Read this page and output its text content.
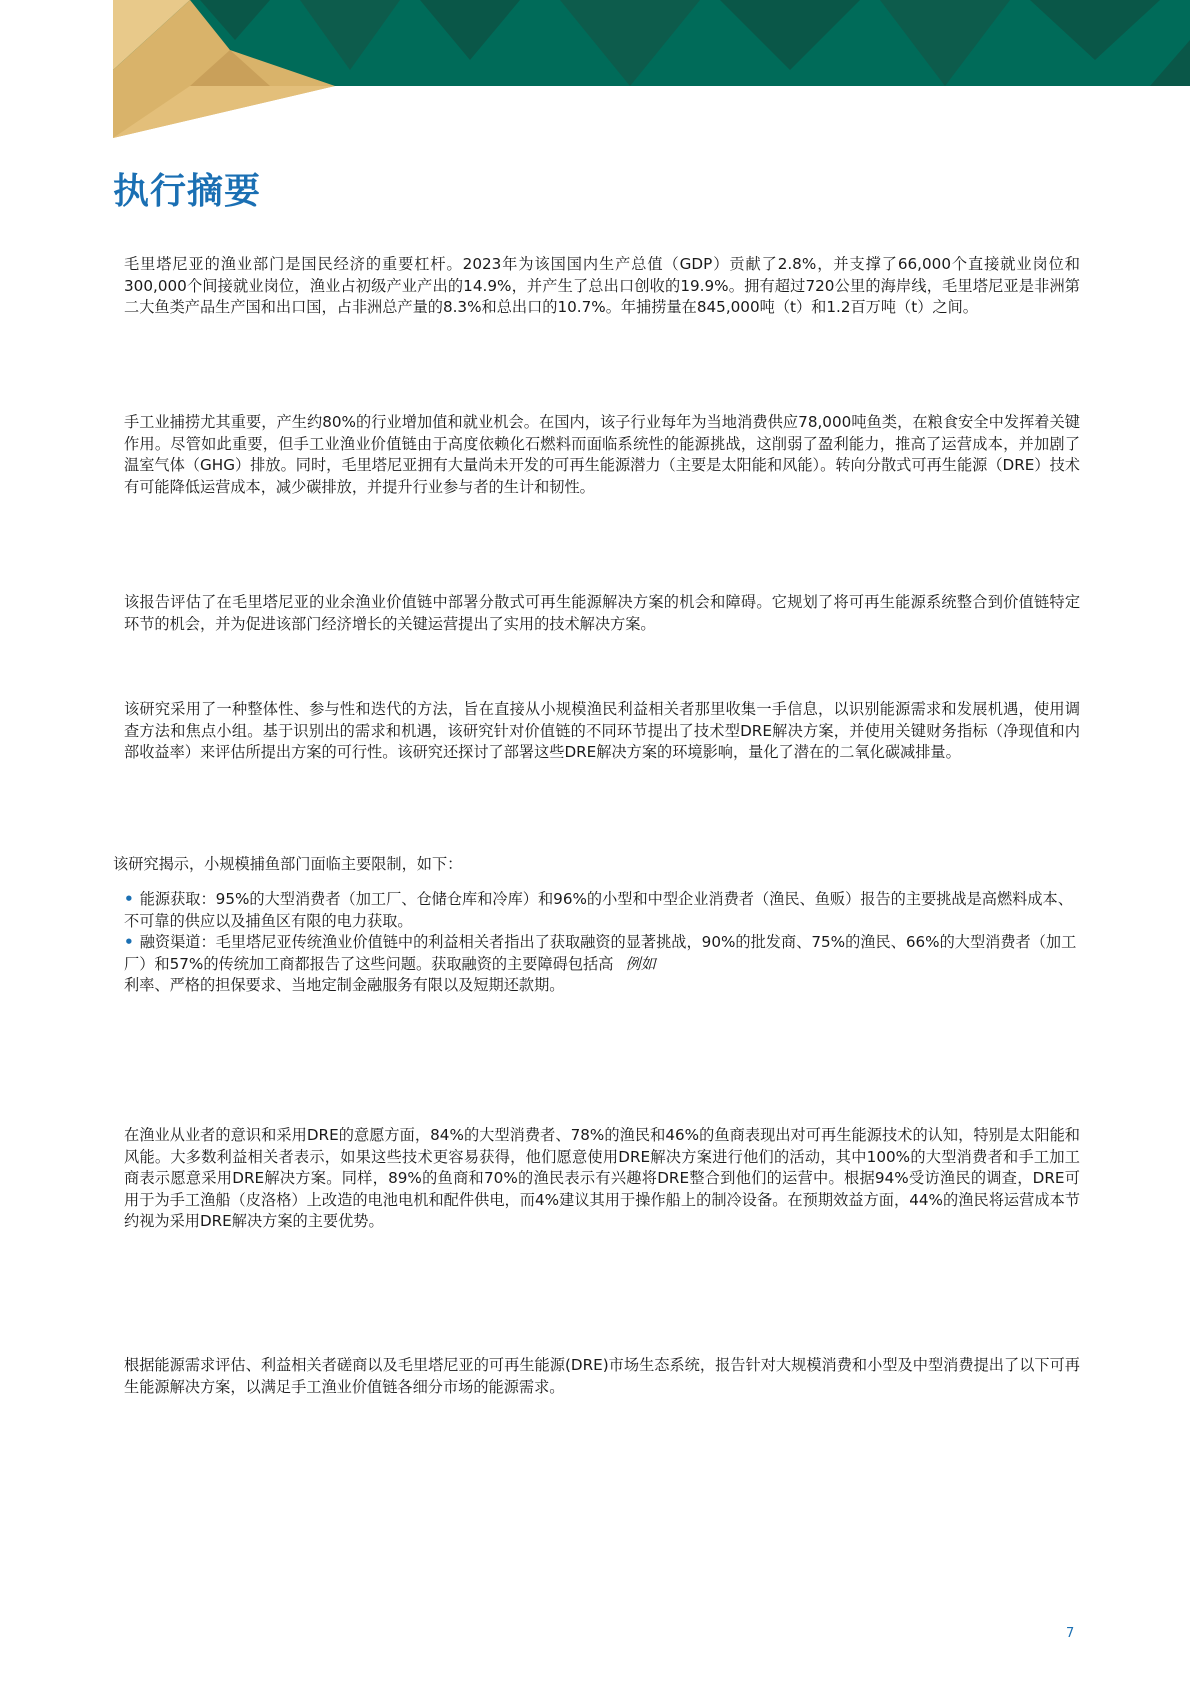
执行摘要

毛里塔尼亚的渔业部门是国民经济的重要杠杆。2023年为该国国内生产总值（GDP）贡献了2.8%，并支撑了66,000个直接就业岗位和300,000个间接就业岗位，渔业占初级产业产出的14.9%，并产生了总出口创收的19.9%。拥有超过720公里的海岸线，毛里塔尼亚是非洲第二大鱼类产品生产国和出口国，占非洲总产量的8.3%和总出口的10.7%。年捕捞量在845,000吨（t）和1.2百万吨（t）之间。

手工业捕捞尤其重要，产生约80%的行业增加值和就业机会。在国内，该子行业每年为当地消费供应78,000吨鱼类，在粮食安全中发挥着关键作用。尽管如此重要，但手工业渔业价值链由于高度依赖化石燃料而面临系统性的能源挑战，这削弱了盈利能力，推高了运营成本，并加剧了温室气体（GHG）排放。同时，毛里塔尼亚拥有大量尚未开发的可再生能源潜力（主要是太阳能和风能）。转向分散式可再生能源（DRE）技术有可能降低运营成本，减少碳排放，并提升行业参与者的生计和韧性。

该报告评估了在毛里塔尼亚的业余渔业价值链中部署分散式可再生能源解决方案的机会和障碍。它规划了将可再生能源系统整合到价值链特定环节的机会，并为促进该部门经济增长的关键运营提出了实用的技术解决方案。

该研究采用了一种整体性、参与性和迭代的方法，旨在直接从小规模渔民利益相关者那里收集一手信息，以识别能源需求和发展机遇，使用调查方法和焦点小组。基于识别出的需求和机遇，该研究针对价值链的不同环节提出了技术型DRE解决方案，并使用关键财务指标（净现值和内部收益率）来评估所提出方案的可行性。该研究还探讨了部署这些DRE解决方案的环境影响，量化了潜在的二氧化碳减排量。

该研究揭示，小规模捕鱼部门面临主要限制，如下：

• 能源获取：95%的大型消费者（加工厂、仓储仓库和冷库）和96%的小型和中型企业消费者（渔民、鱼贩）报告的主要挑战是高燃料成本、不可靠的供应以及捕鱼区有限的电力获取。
• 融资渠道：毛里塔尼亚传统渔业价值链中的利益相关者指出了获取融资的显著挑战，90%的批发商、75%的渔民、66%的大型消费者（加工厂）和57%的传统加工商都报告了这些问题。获取融资的主要障碍包括高 例如
利率、严格的担保要求、当地定制金融服务有限以及短期还款期。

在渔业从业者的意识和采用DRE的意愿方面，84%的大型消费者、78%的渔民和46%的鱼商表现出对可再生能源技术的认知，特别是太阳能和风能。大多数利益相关者表示，如果这些技术更容易获得，他们愿意使用DRE解决方案进行他们的活动，其中100%的大型消费者和手工加工商表示愿意采用DRE解决方案。同样，89%的鱼商和70%的渔民表示有兴趣将DRE整合到他们的运营中。根据94%受访渔民的调查，DRE可用于为手工渔船（皮洛格）上改造的电池电机和配件供电，而4%建议其用于操作船上的制冷设备。在预期效益方面，44%的渔民将运营成本节约视为采用DRE解决方案的主要优势。

根据能源需求评估、利益相关者磋商以及毛里塔尼亚的可再生能源(DRE)市场生态系统，报告针对大规模消费和小型及中型消费提出了以下可再生能源解决方案，以满足手工渔业价值链各细分市场的能源需求。

7
